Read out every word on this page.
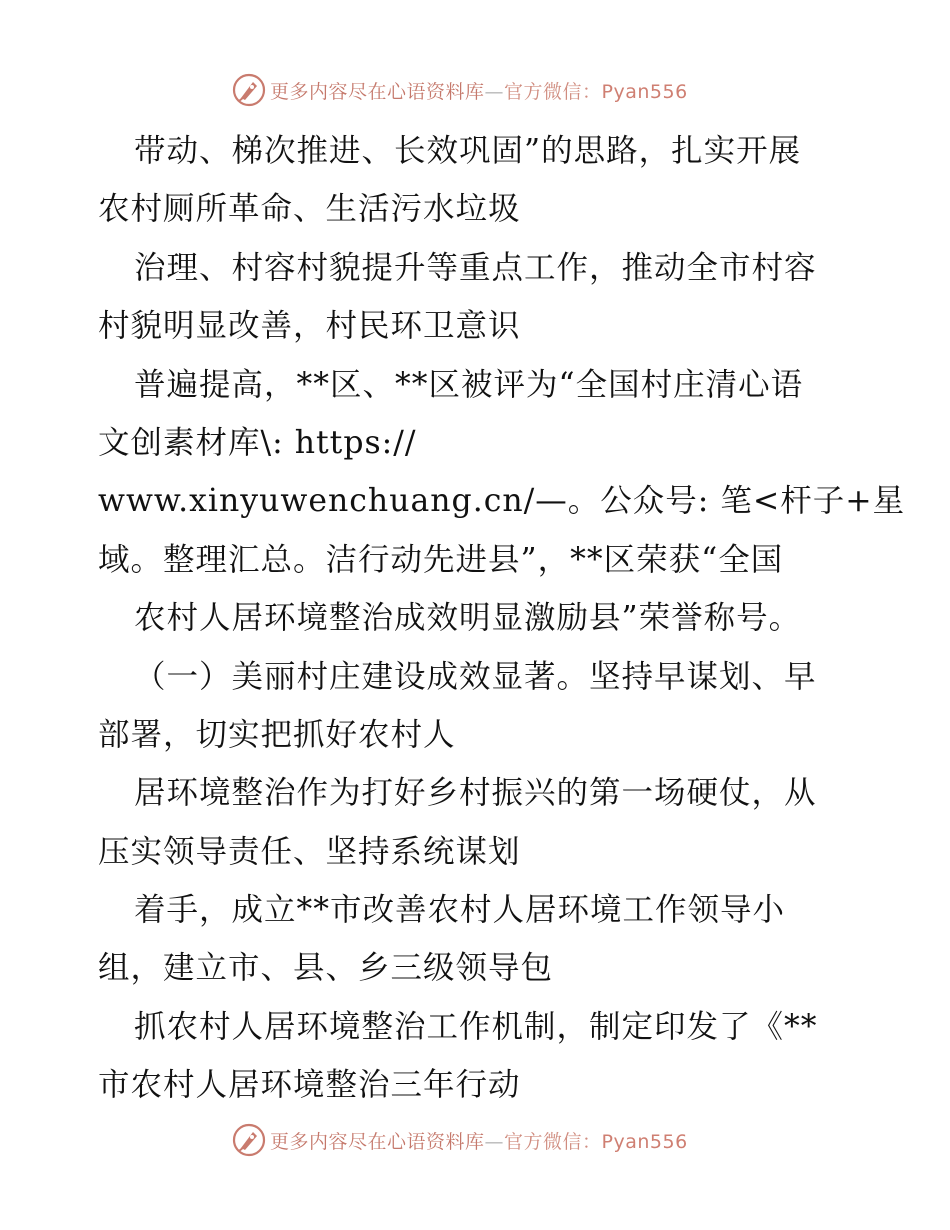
更多内容尽在心语资料库—官方微信：Pyan556
带动、梯次推进、长效巩固”的思路，扎实开展
农村厕所革命、生活污水垃圾
治理、村容村貌提升等重点工作，推动全市村容
村貌明显改善，村民环卫意识
普遍提高，**区、**区被评为“全国村庄清心语
文创素材库\: https://
www.xinyuwenchuang.cn/—。公众号: 笔<杆子+星
域。整理汇总。洁行动先进县”，**区荣获“全国
农村人居环境整治成效明显激励县”荣誉称号。
（一）美丽村庄建设成效显著。坚持早谋划、早
部署，切实把抓好农村人
居环境整治作为打好乡村振兴的第一场硬仗，从
压实领导责任、坚持系统谋划
着手，成立**市改善农村人居环境工作领导小
组，建立市、县、乡三级领导包
抓农村人居环境整治工作机制，制定印发了《**
市农村人居环境整治三年行动
更多内容尽在心语资料库—官方微信：Pyan556
